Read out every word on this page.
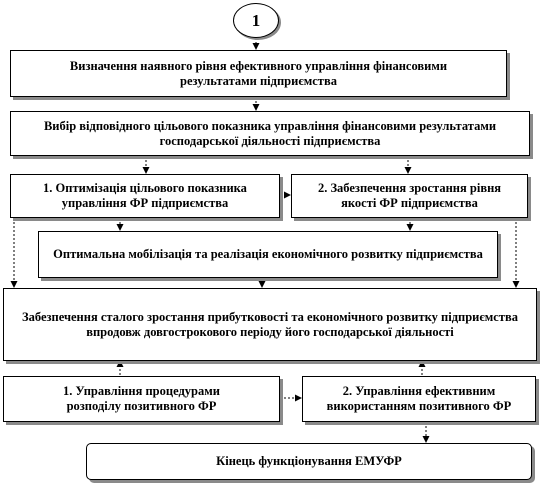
1
Визначення наявного рівня ефективного управління фінансовими результатами підприємства
Вибір відповідного цільового показника управління фінансовими результатами господарської діяльності підприємства
1. Оптимізація цільового показника управління ФР підприємства
2. Забезпечення зростання рівня якості ФР підприємства
Оптимальна мобілізація та реалізація економічного розвитку підприємства
Забезпечення сталого зростання прибутковості та економічного розвитку підприємства впродовж довгострокового періоду його господарської діяльності
1. Управління процедурами розподілу позитивного ФР
2. Управління ефективним використанням позитивного ФР
Кінець функціонування ЕМУФР
